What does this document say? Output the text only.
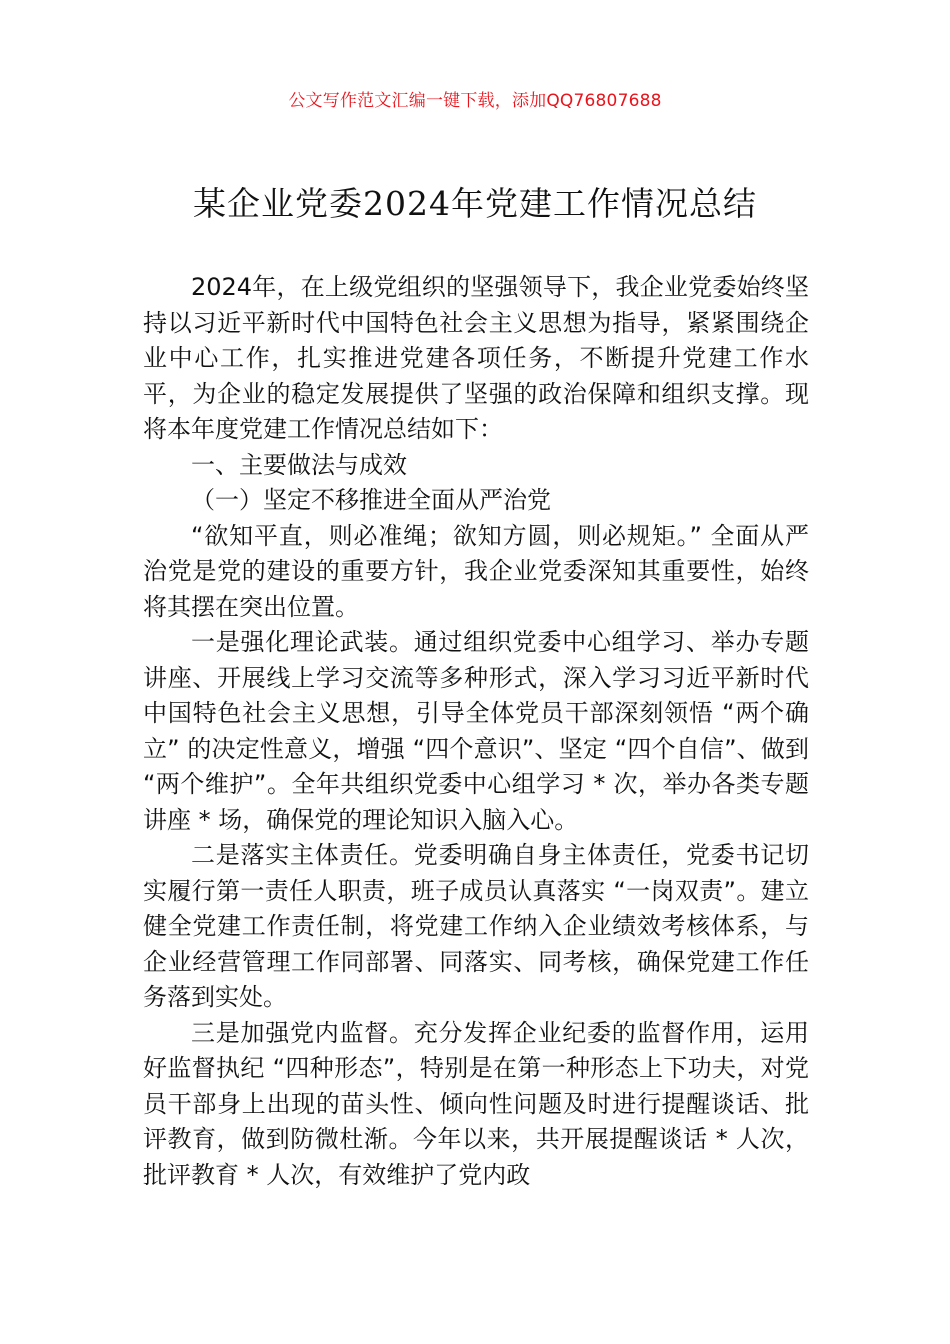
公文写作范文汇编一键下载，添加QQ76807688
某企业党委2024年党建工作情况总结

2024年，在上级党组织的坚强领导下，我企业党委始终坚持以习近平新时代中国特色社会主义思想为指导，紧紧围绕企业中心工作，扎实推进党建各项任务，不断提升党建工作水平，为企业的稳定发展提供了坚强的政治保障和组织支撑。现将本年度党建工作情况总结如下：

一、主要做法与成效

（一）坚定不移推进全面从严治党

“欲知平直，则必准绳；欲知方圆，则必规矩。” 全面从严治党是党的建设的重要方针，我企业党委深知其重要性，始终将其摆在突出位置。

一是强化理论武装。通过组织党委中心组学习、举办专题讲座、开展线上学习交流等多种形式，深入学习习近平新时代中国特色社会主义思想，引导全体党员干部深刻领悟 “两个确立” 的决定性意义，增强 “四个意识”、坚定 “四个自信”、做到 “两个维护”。全年共组织党委中心组学习 * 次，举办各类专题讲座 * 场，确保党的理论知识入脑入心。

二是落实主体责任。党委明确自身主体责任，党委书记切实履行第一责任人职责，班子成员认真落实 “一岗双责”。建立健全党建工作责任制，将党建工作纳入企业绩效考核体系，与企业经营管理工作同部署、同落实、同考核，确保党建工作任务落到实处。

三是加强党内监督。充分发挥企业纪委的监督作用，运用好监督执纪 “四种形态”，特别是在第一种形态上下功夫，对党员干部身上出现的苗头性、倾向性问题及时进行提醒谈话、批评教育，做到防微杜渐。今年以来，共开展提醒谈话 * 人次，批评教育 * 人次，有效维护了党内政
